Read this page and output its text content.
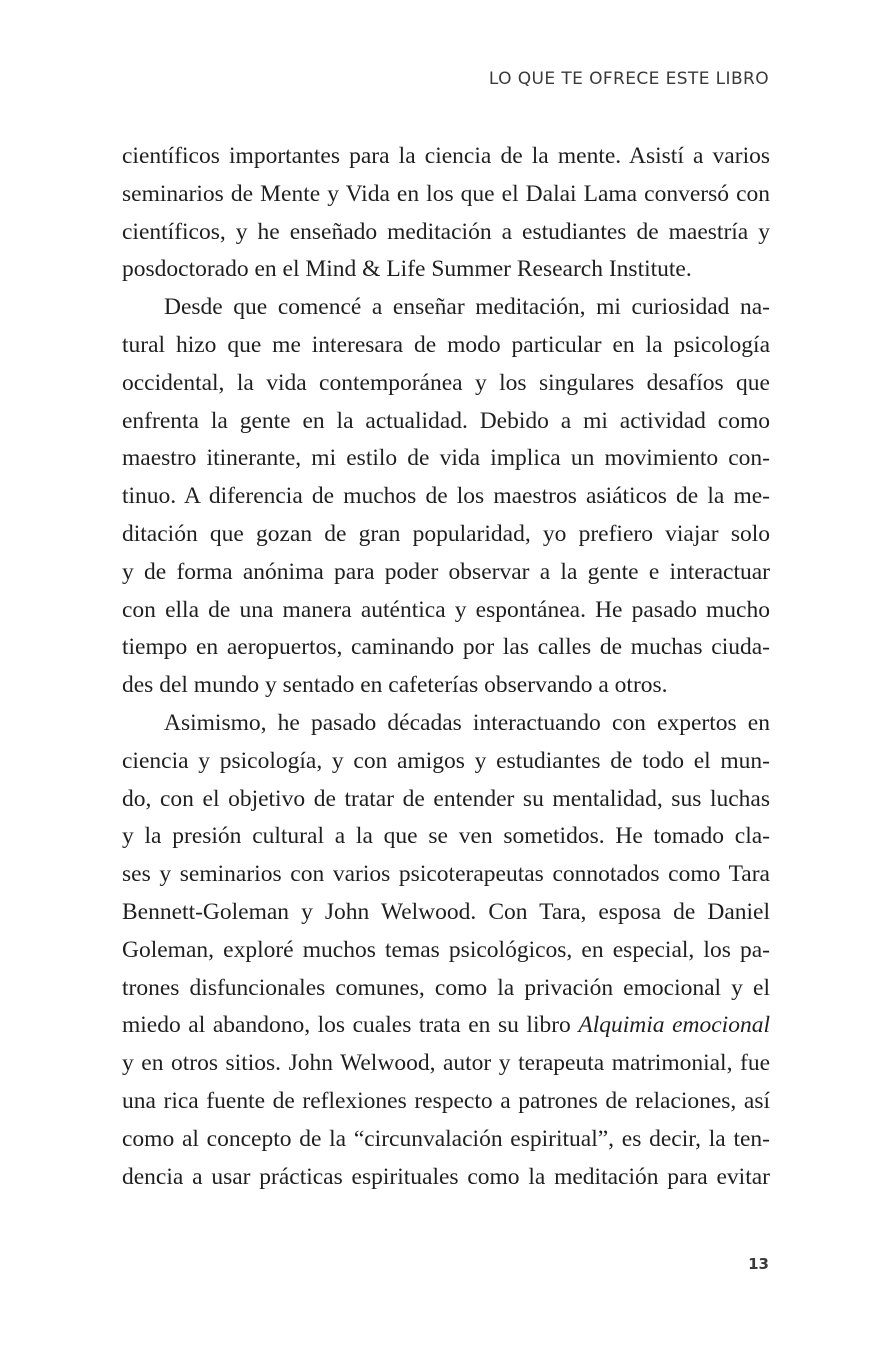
LO QUE TE OFRECE ESTE LIBRO
científicos importantes para la ciencia de la mente. Asistí a varios
seminarios de Mente y Vida en los que el Dalai Lama conversó con
científicos, y he enseñado meditación a estudiantes de maestría y
posdoctorado en el Mind & Life Summer Research Institute.
Desde que comencé a enseñar meditación, mi curiosidad na-
tural hizo que me interesara de modo particular en la psicología
occidental, la vida contemporánea y los singulares desafíos que
enfrenta la gente en la actualidad. Debido a mi actividad como
maestro itinerante, mi estilo de vida implica un movimiento con-
tinuo. A diferencia de muchos de los maestros asiáticos de la me-
ditación que gozan de gran popularidad, yo prefiero viajar solo
y de forma anónima para poder observar a la gente e interactuar
con ella de una manera auténtica y espontánea. He pasado mucho
tiempo en aeropuertos, caminando por las calles de muchas ciuda-
des del mundo y sentado en cafeterías observando a otros.
Asimismo, he pasado décadas interactuando con expertos en
ciencia y psicología, y con amigos y estudiantes de todo el mun-
do, con el objetivo de tratar de entender su mentalidad, sus luchas
y la presión cultural a la que se ven sometidos. He tomado cla-
ses y seminarios con varios psicoterapeutas connotados como Tara
Bennett-Goleman y John Welwood. Con Tara, esposa de Daniel
Goleman, exploré muchos temas psicológicos, en especial, los pa-
trones disfuncionales comunes, como la privación emocional y el
miedo al abandono, los cuales trata en su libro Alquimia emocional
y en otros sitios. John Welwood, autor y terapeuta matrimonial, fue
una rica fuente de reflexiones respecto a patrones de relaciones, así
como al concepto de la “circunvalación espiritual”, es decir, la ten-
dencia a usar prácticas espirituales como la meditación para evitar
13
